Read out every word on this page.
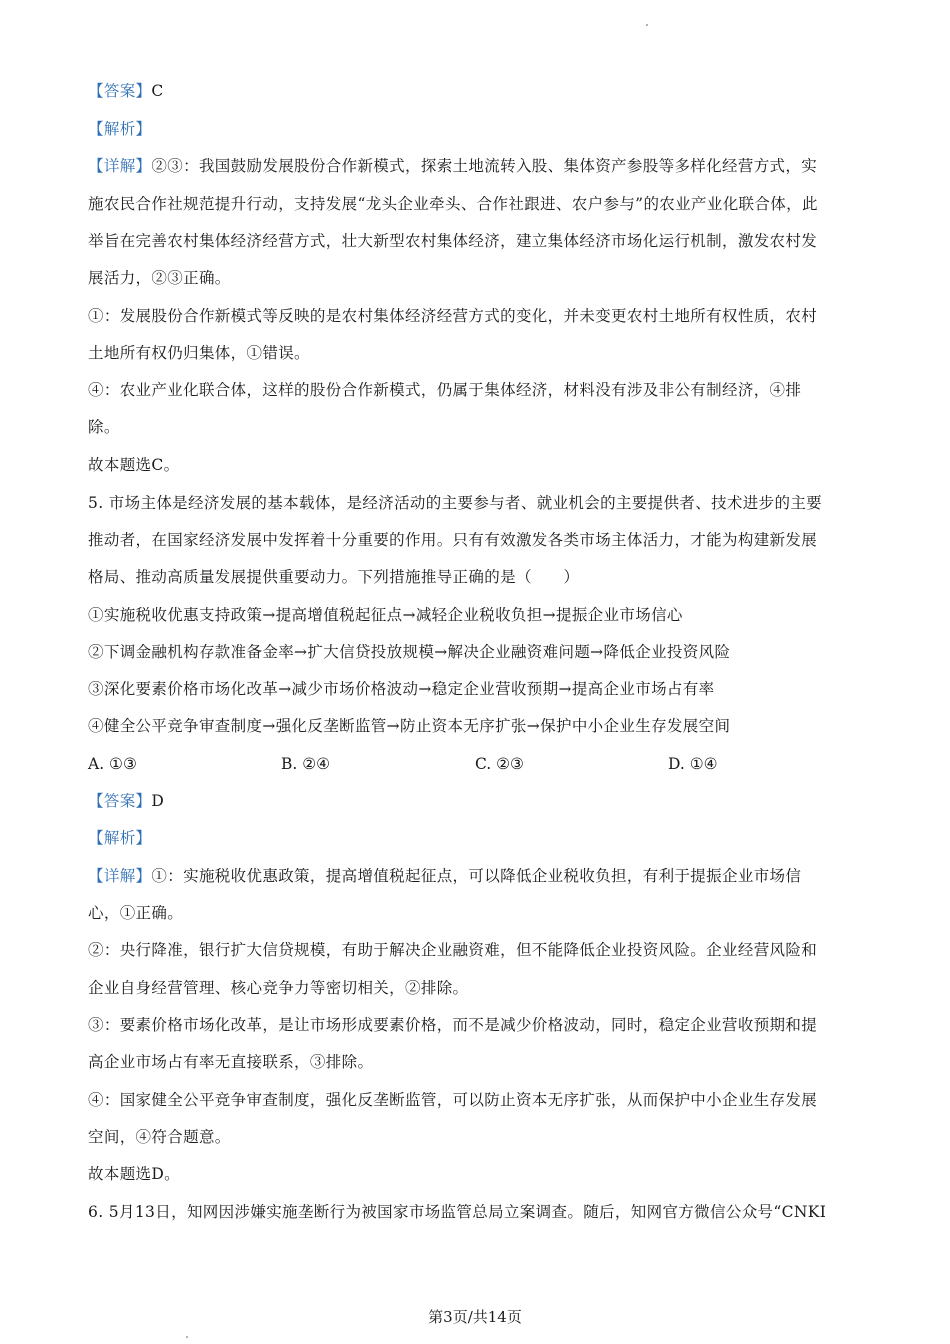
【答案】C
【解析】
【详解】②③：我国鼓励发展股份合作新模式，探索土地流转入股、集体资产参股等多样化经营方式，实
施农民合作社规范提升行动，支持发展“龙头企业牵头、合作社跟进、农户参与”的农业产业化联合体，此
举旨在完善农村集体经济经营方式，壮大新型农村集体经济，建立集体经济市场化运行机制，激发农村发
展活力，②③正确。
①：发展股份合作新模式等反映的是农村集体经济经营方式的变化，并未变更农村土地所有权性质，农村
土地所有权仍归集体，①错误。
④：农业产业化联合体，这样的股份合作新模式，仍属于集体经济，材料没有涉及非公有制经济，④排
除。
故本题选C。
5. 市场主体是经济发展的基本载体，是经济活动的主要参与者、就业机会的主要提供者、技术进步的主要
推动者，在国家经济发展中发挥着十分重要的作用。只有有效激发各类市场主体活力，才能为构建新发展
格局、推动高质量发展提供重要动力。下列措施推导正确的是（　　）
①实施税收优惠支持政策→提高增值税起征点→减轻企业税收负担→提振企业市场信心
②下调金融机构存款准备金率→扩大信贷投放规模→解决企业融资难问题→降低企业投资风险
③深化要素价格市场化改革→减少市场价格波动→稳定企业营收预期→提高企业市场占有率
④健全公平竞争审查制度→强化反垄断监管→防止资本无序扩张→保护中小企业生存发展空间
A. ①③	B. ②④	C. ②③	D. ①④
【答案】D
【解析】
【详解】①：实施税收优惠政策，提高增值税起征点，可以降低企业税收负担，有利于提振企业市场信
心，①正确。
②：央行降准，银行扩大信贷规模，有助于解决企业融资难，但不能降低企业投资风险。企业经营风险和
企业自身经营管理、核心竞争力等密切相关，②排除。
③：要素价格市场化改革，是让市场形成要素价格，而不是减少价格波动，同时，稳定企业营收预期和提
高企业市场占有率无直接联系，③排除。
④：国家健全公平竞争审查制度，强化反垄断监管，可以防止资本无序扩张，从而保护中小企业生存发展
空间，④符合题意。
故本题选D。
6. 5月13日，知网因涉嫌实施垄断行为被国家市场监管总局立案调查。随后，知网官方微信公众号“CNKI
第3页/共14页
